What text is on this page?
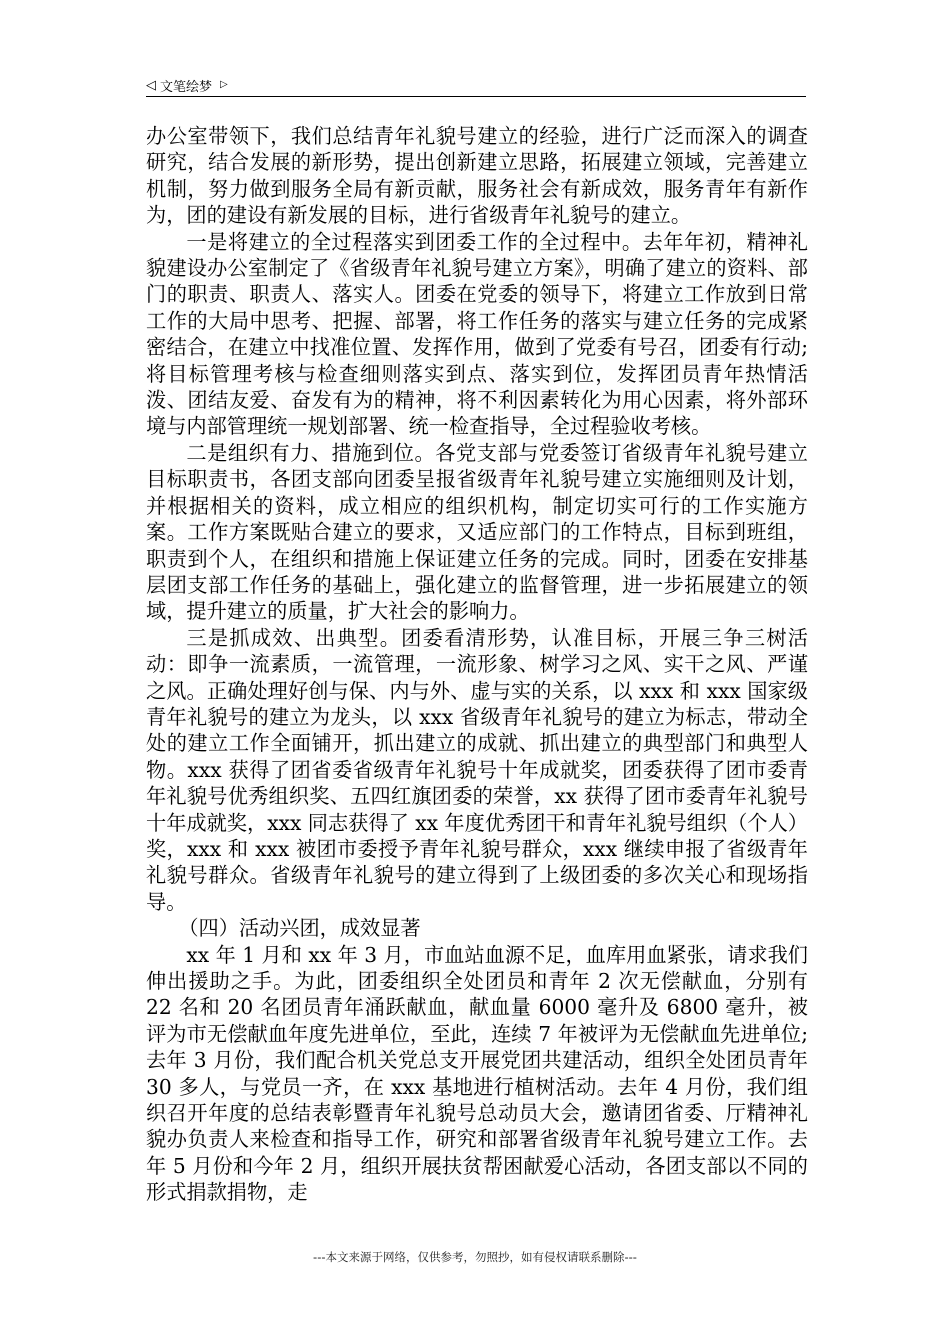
◁ 文笔绘梦 ▷

办公室带领下，我们总结青年礼貌号建立的经验，进行广泛而深入的调查研究，结合发展的新形势，提出创新建立思路，拓展建立领域，完善建立机制，努力做到服务全局有新贡献，服务社会有新成效，服务青年有新作为，团的建设有新发展的目标，进行省级青年礼貌号的建立。

一是将建立的全过程落实到团委工作的全过程中。去年年初，精神礼貌建设办公室制定了《省级青年礼貌号建立方案》，明确了建立的资料、部门的职责、职责人、落实人。团委在党委的领导下，将建立工作放到日常工作的大局中思考、把握、部署，将工作任务的落实与建立任务的完成紧密结合，在建立中找准位置、发挥作用，做到了党委有号召，团委有行动;将目标管理考核与检查细则落实到点、落实到位，发挥团员青年热情活泼、团结友爱、奋发有为的精神，将不利因素转化为用心因素，将外部环境与内部管理统一规划部署、统一检查指导，全过程验收考核。

二是组织有力、措施到位。各党支部与党委签订省级青年礼貌号建立目标职责书，各团支部向团委呈报省级青年礼貌号建立实施细则及计划，并根据相关的资料，成立相应的组织机构，制定切实可行的工作实施方案。工作方案既贴合建立的要求，又适应部门的工作特点，目标到班组，职责到个人，在组织和措施上保证建立任务的完成。同时，团委在安排基层团支部工作任务的基础上，强化建立的监督管理，进一步拓展建立的领域，提升建立的质量，扩大社会的影响力。

三是抓成效、出典型。团委看清形势，认准目标，开展三争三树活动：即争一流素质，一流管理，一流形象、树学习之风、实干之风、严谨之风。正确处理好创与保、内与外、虚与实的关系，以 xxx 和 xxx 国家级青年礼貌号的建立为龙头，以 xxx 省级青年礼貌号的建立为标志，带动全处的建立工作全面铺开，抓出建立的成就、抓出建立的典型部门和典型人物。xxx 获得了团省委省级青年礼貌号十年成就奖，团委获得了团市委青年礼貌号优秀组织奖、五四红旗团委的荣誉，xx 获得了团市委青年礼貌号十年成就奖，xxx 同志获得了 xx 年度优秀团干和青年礼貌号组织（个人）奖，xxx 和 xxx 被团市委授予青年礼貌号群众，xxx 继续申报了省级青年礼貌号群众。省级青年礼貌号的建立得到了上级团委的多次关心和现场指导。

（四）活动兴团，成效显著

xx 年 1 月和 xx 年 3 月，市血站血源不足，血库用血紧张，请求我们伸出援助之手。为此，团委组织全处团员和青年 2 次无偿献血，分别有 22 名和 20 名团员青年涌跃献血，献血量 6000 毫升及 6800 毫升，被评为市无偿献血年度先进单位，至此，连续 7 年被评为无偿献血先进单位;去年 3 月份，我们配合机关党总支开展党团共建活动，组织全处团员青年 30 多人，与党员一齐，在 xxx 基地进行植树活动。去年 4 月份，我们组织召开年度的总结表彰暨青年礼貌号总动员大会，邀请团省委、厅精神礼貌办负责人来检查和指导工作，研究和部署省级青年礼貌号建立工作。去年 5 月份和今年 2 月，组织开展扶贫帮困献爱心活动，各团支部以不同的形式捐款捐物，走

---本文来源于网络，仅供参考，勿照抄，如有侵权请联系删除---
